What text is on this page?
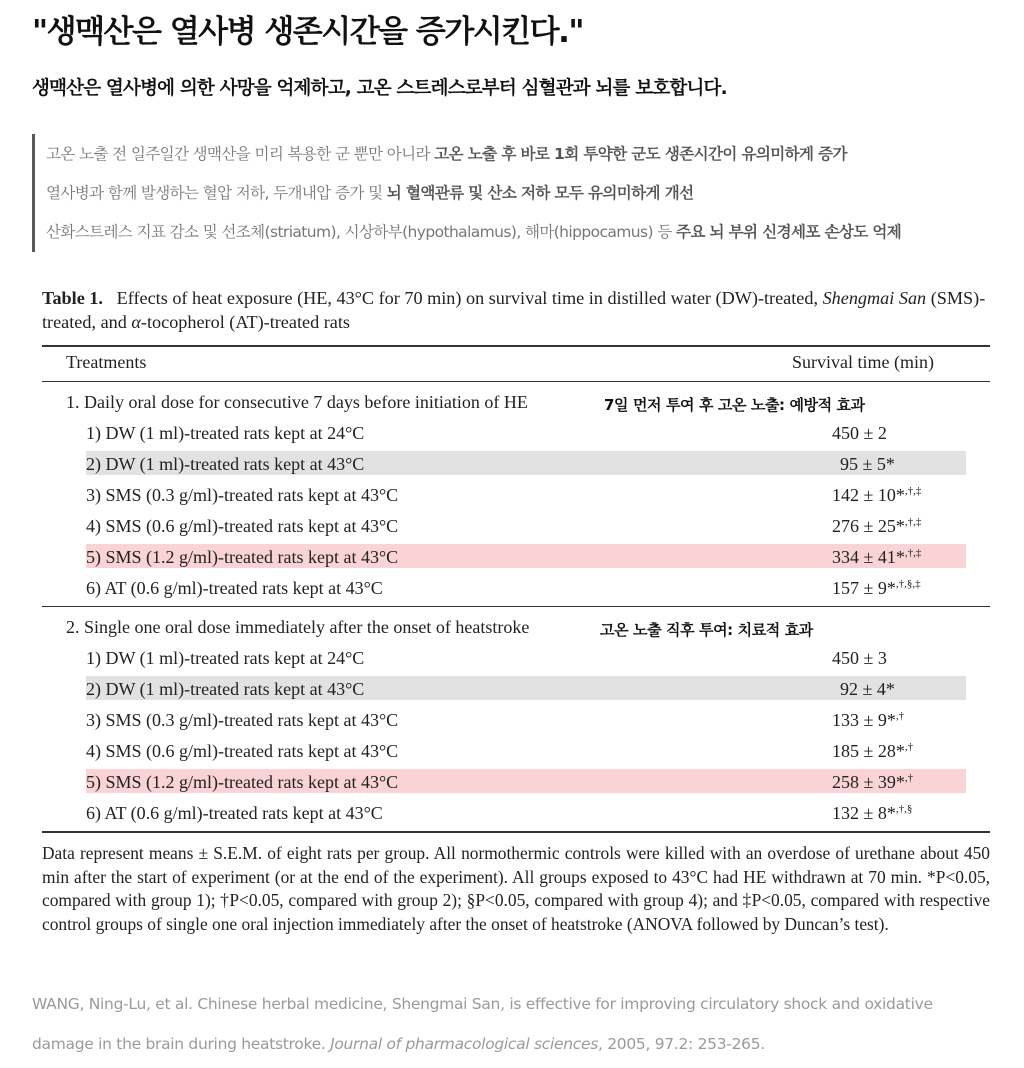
"생맥산은 열사병 생존시간을 증가시킨다."
생맥산은 열사병에 의한 사망을 억제하고, 고온 스트레스로부터 심혈관과 뇌를 보호합니다.
고온 노출 전 일주일간 생맥산을 미리 복용한 군 뿐만 아니라 고온 노출 후 바로 1회 투약한 군도 생존시간이 유의미하게 증가
열사병과 함께 발생하는 혈압 저하, 두개내압 증가 및 뇌 혈액관류 및 산소 저하 모두 유의미하게 개선
산화스트레스 지표 감소 및 선조체(striatum), 시상하부(hypothalamus), 해마(hippocamus) 등 주요 뇌 부위 신경세포 손상도 억제
Table 1. Effects of heat exposure (HE, 43°C for 70 min) on survival time in distilled water (DW)-treated, Shengmai San (SMS)-treated, and α-tocopherol (AT)-treated rats
Treatments	Survival time (min)
1. Daily oral dose for consecutive 7 days before initiation of HE	7일 먼저 투여 후 고온 노출: 예방적 효과
1) DW (1 ml)-treated rats kept at 24°C	450 ± 2
2) DW (1 ml)-treated rats kept at 43°C	95 ± 5*
3) SMS (0.3 g/ml)-treated rats kept at 43°C	142 ± 10*,†,‡
4) SMS (0.6 g/ml)-treated rats kept at 43°C	276 ± 25*,†,‡
5) SMS (1.2 g/ml)-treated rats kept at 43°C	334 ± 41*,†,‡
6) AT (0.6 g/ml)-treated rats kept at 43°C	157 ± 9*,†,§,‡
2. Single one oral dose immediately after the onset of heatstroke	고온 노출 직후 투여: 치료적 효과
1) DW (1 ml)-treated rats kept at 24°C	450 ± 3
2) DW (1 ml)-treated rats kept at 43°C	92 ± 4*
3) SMS (0.3 g/ml)-treated rats kept at 43°C	133 ± 9*,†
4) SMS (0.6 g/ml)-treated rats kept at 43°C	185 ± 28*,†
5) SMS (1.2 g/ml)-treated rats kept at 43°C	258 ± 39*,†
6) AT (0.6 g/ml)-treated rats kept at 43°C	132 ± 8*,†,§
Data represent means ± S.E.M. of eight rats per group. All normothermic controls were killed with an overdose of urethane about 450 min after the start of experiment (or at the end of the experiment). All groups exposed to 43°C had HE withdrawn at 70 min. *P<0.05, compared with group 1); †P<0.05, compared with group 2); §P<0.05, compared with group 4); and ‡P<0.05, compared with respective control groups of single one oral injection immediately after the onset of heatstroke (ANOVA followed by Duncan’s test).
WANG, Ning-Lu, et al. Chinese herbal medicine, Shengmai San, is effective for improving circulatory shock and oxidative
damage in the brain during heatstroke. Journal of pharmacological sciences, 2005, 97.2: 253-265.
